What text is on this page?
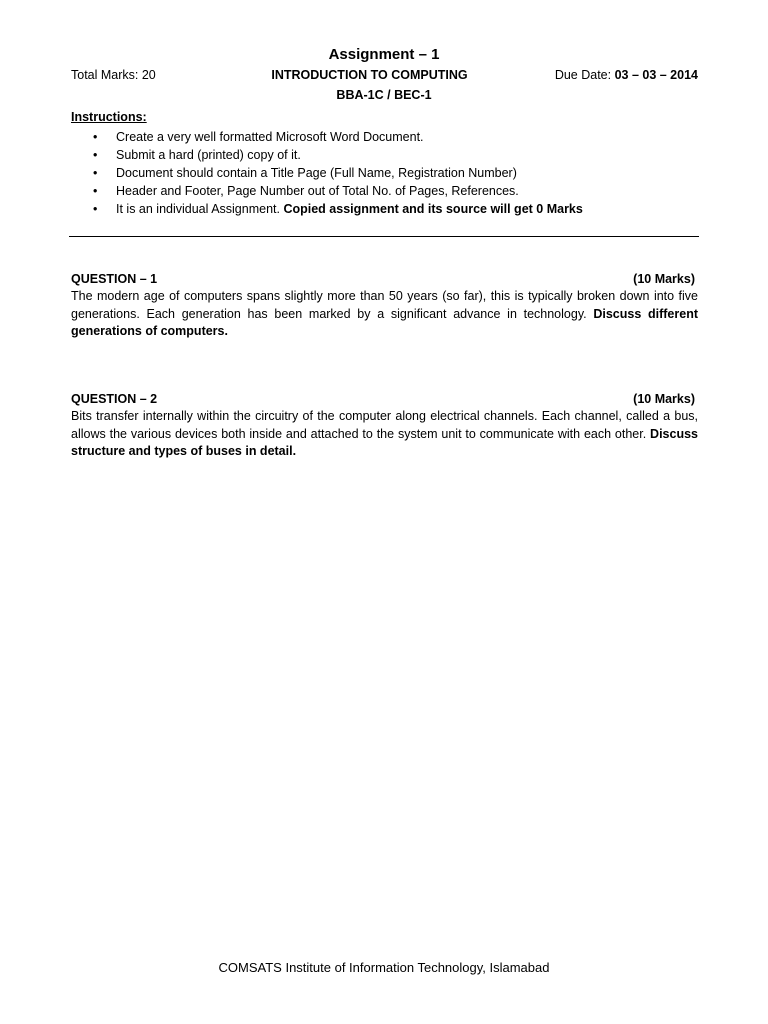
Assignment – 1
Total Marks: 20	INTRODUCTION TO COMPUTING	Due Date: 03 – 03 – 2014
BBA-1C / BEC-1
Instructions:
• Create a very well formatted Microsoft Word Document.
• Submit a hard (printed) copy of it.
• Document should contain a Title Page (Full Name, Registration Number)
• Header and Footer, Page Number out of Total No. of Pages, References.
• It is an individual Assignment. Copied assignment and its source will get 0 Marks
QUESTION – 1	(10 Marks)

The modern age of computers spans slightly more than 50 years (so far), this is typically broken down into five generations. Each generation has been marked by a significant advance in technology. Discuss different generations of computers.

QUESTION – 2	(10 Marks)

Bits transfer internally within the circuitry of the computer along electrical channels. Each channel, called a bus, allows the various devices both inside and attached to the system unit to communicate with each other. Discuss structure and types of buses in detail.

COMSATS Institute of Information Technology, Islamabad
